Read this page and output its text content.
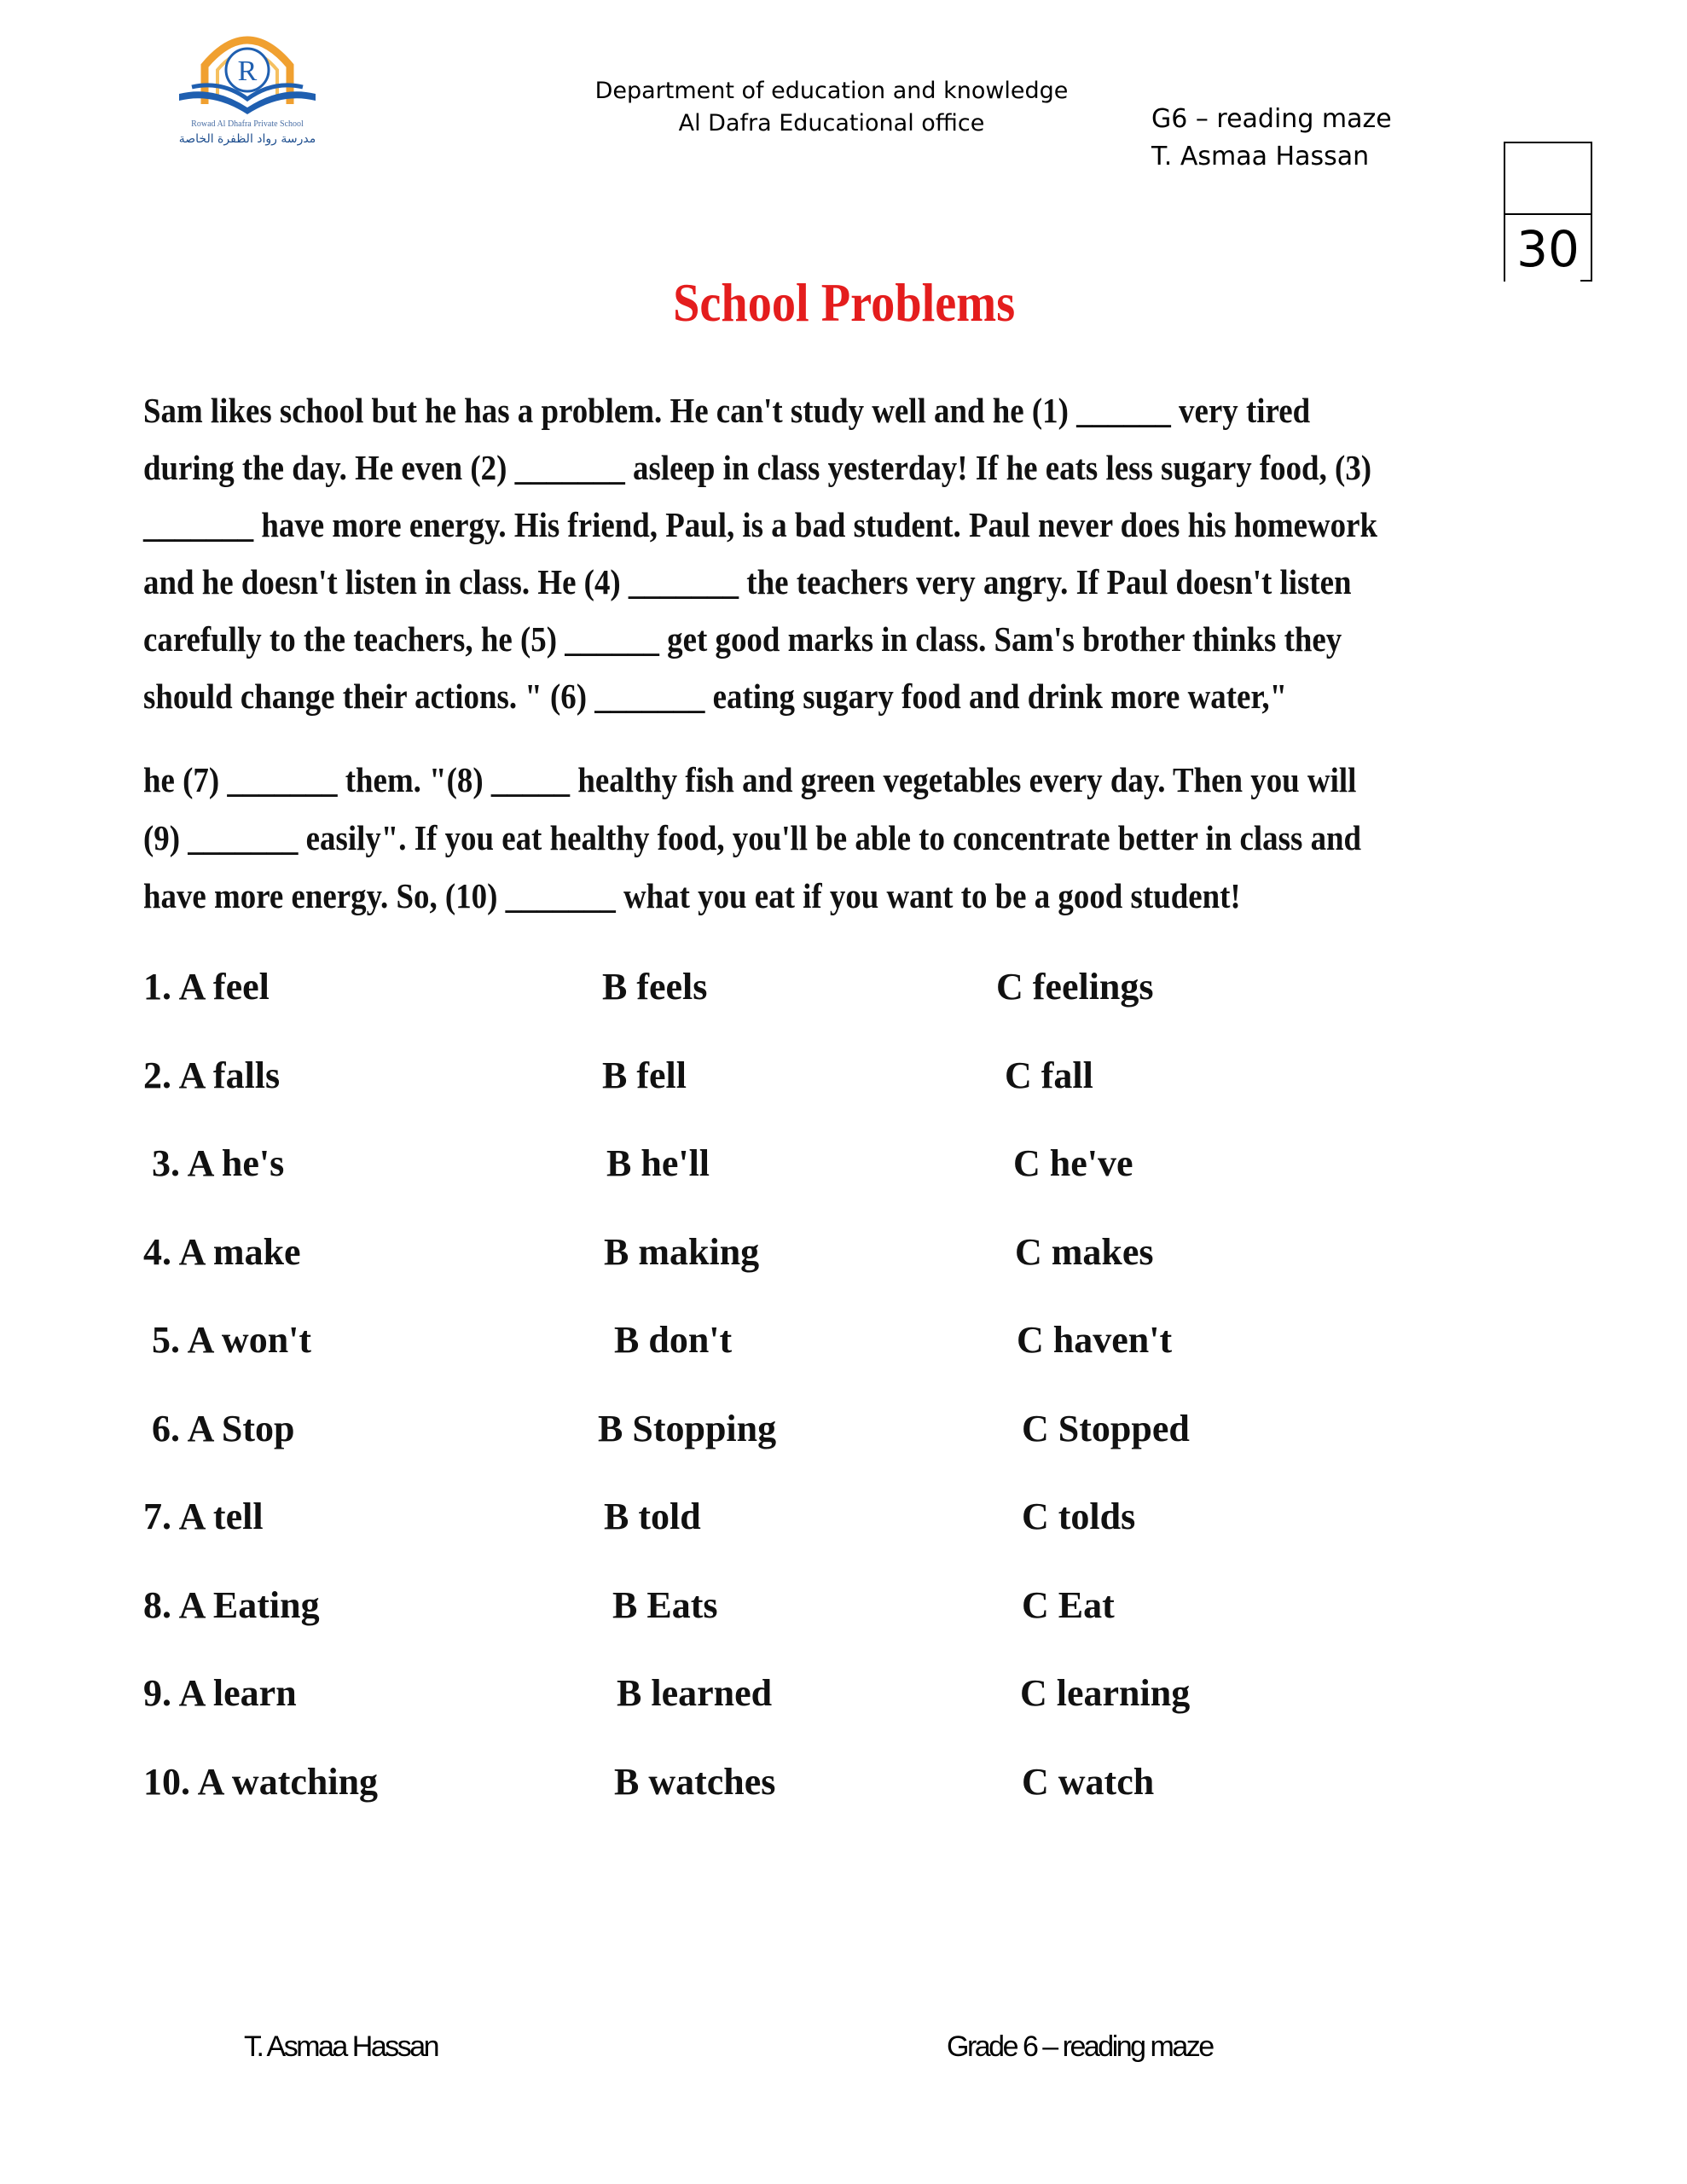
R
Rowad Al Dhafra Private School
مدرسة رواد الظفرة الخاصة
Department of education and knowledge
Al Dafra Educational office	G6 – reading maze
T. Asmaa Hassan
30
School Problems
Sam likes school but he has a problem. He can't study well and he (1) ______ very tired
during the day. He even (2) _______ asleep in class yesterday! If he eats less sugary food, (3)
_______ have more energy. His friend, Paul, is a bad student. Paul never does his homework
and he doesn't listen in class. He (4) _______ the teachers very angry. If Paul doesn't listen
carefully to the teachers, he (5) ______ get good marks in class. Sam's brother thinks they
should change their actions. " (6) _______ eating sugary food and drink more water,"
he (7) _______ them. "(8) _____ healthy fish and green vegetables every day. Then you will
(9) _______ easily". If you eat healthy food, you'll be able to concentrate better in class and
have more energy. So, (10) _______ what you eat if you want to be a good student!
1. A feel	B feels	C feelings
2. A falls	B fell	C fall
3. A he's	B he'll	C he've
4. A make	B making	C makes
5. A won't	B don't	C haven't
6. A Stop	B Stopping	C Stopped
7. A tell	B told	C tolds
8. A Eating	B Eats	C Eat
9. A learn	B learned	C learning
10. A watching	B watches	C watch
T. Asmaa Hassan	Grade 6 – reading maze
